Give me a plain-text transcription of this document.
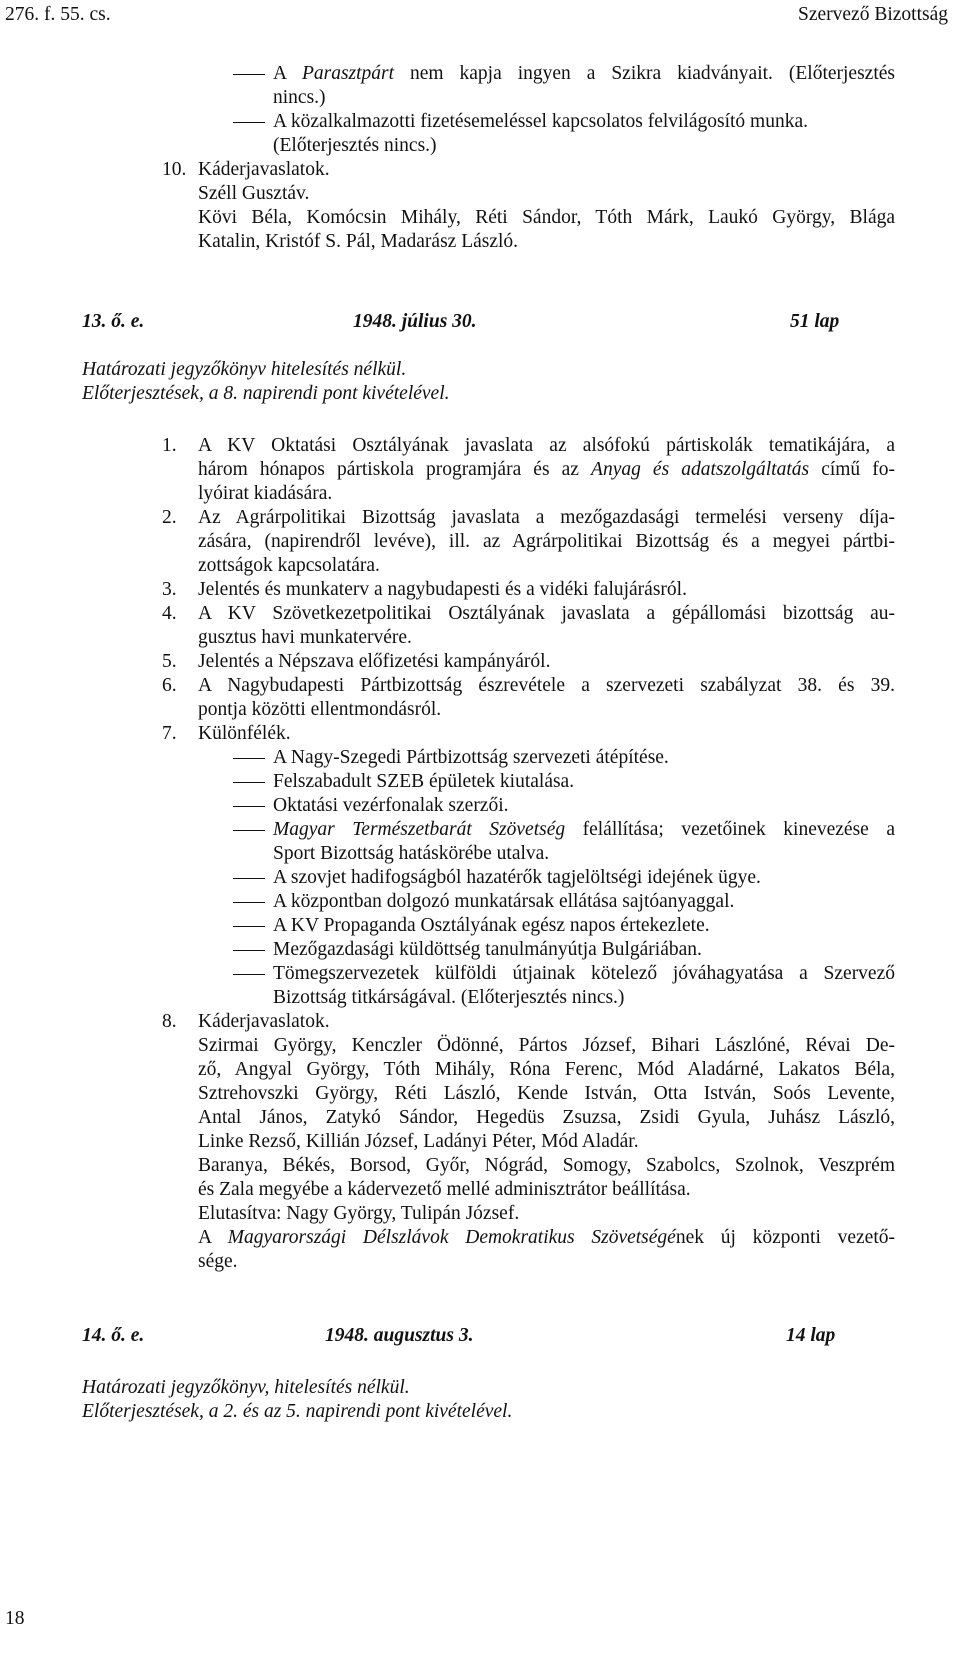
276. f. 55. cs.	Szervező Bizottság
A Parasztpárt nem kapja ingyen a Szikra kiadványait. (Előterjesztés
nincs.)
A közalkalmazotti fizetésemeléssel kapcsolatos felvilágosító munka.
(Előterjesztés nincs.)
10. Káderjavaslatok.
Széll Gusztáv.
Kövi Béla, Komócsin Mihály, Réti Sándor, Tóth Márk, Laukó György, Blága
Katalin, Kristóf S. Pál, Madarász László.
13. ő. e.	1948. július 30.	51 lap
Határozati jegyzőkönyv hitelesítés nélkül.
Előterjesztések, a 8. napirendi pont kivételével.
1. A KV Oktatási Osztályának javaslata az alsófokú pártiskolák tematikájára, a
három hónapos pártiskola programjára és az Anyag és adatszolgáltatás című fo-
lyóirat kiadására.
2. Az Agrárpolitikai Bizottság javaslata a mezőgazdasági termelési verseny díja-
zására, (napirendről levéve), ill. az Agrárpolitikai Bizottság és a megyei pártbi-
zottságok kapcsolatára.
3. Jelentés és munkaterv a nagybudapesti és a vidéki falujárásról.
4. A KV Szövetkezetpolitikai Osztályának javaslata a gépállomási bizottság au-
gusztus havi munkatervére.
5. Jelentés a Népszava előfizetési kampányáról.
6. A Nagybudapesti Pártbizottság észrevétele a szervezeti szabályzat 38. és 39.
pontja közötti ellentmondásról.
7. Különfélék.
A Nagy-Szegedi Pártbizottság szervezeti átépítése.
Felszabadult SZEB épületek kiutalása.
Oktatási vezérfonalak szerzői.
Magyar Természetbarát Szövetség felállítása; vezetőinek kinevezése a
Sport Bizottság hatáskörébe utalva.
A szovjet hadifogságból hazatérők tagjelöltségi idejének ügye.
A központban dolgozó munkatársak ellátása sajtóanyaggal.
A KV Propaganda Osztályának egész napos értekezlete.
Mezőgazdasági küldöttség tanulmányútja Bulgáriában.
Tömegszervezetek külföldi útjainak kötelező jóváhagyatása a Szervező
Bizottság titkárságával. (Előterjesztés nincs.)
8. Káderjavaslatok.
Szirmai György, Kenczler Ödönné, Pártos József, Bihari Lászlóné, Révai De-
ző, Angyal György, Tóth Mihály, Róna Ferenc, Mód Aladárné, Lakatos Béla,
Sztrehovszki György, Réti László, Kende István, Otta István, Soós Levente,
Antal János, Zatykó Sándor, Hegedüs Zsuzsa, Zsidi Gyula, Juhász László,
Linke Rezső, Killián József, Ladányi Péter, Mód Aladár.
Baranya, Békés, Borsod, Győr, Nógrád, Somogy, Szabolcs, Szolnok, Veszprém
és Zala megyébe a kádervezető mellé adminisztrátor beállítása.
Elutasítva: Nagy György, Tulipán József.
A Magyarországi Délszlávok Demokratikus Szövetségének új központi vezető-
sége.
14. ő. e.	1948. augusztus 3.	14 lap
Határozati jegyzőkönyv, hitelesítés nélkül.
Előterjesztések, a 2. és az 5. napirendi pont kivételével.
18
